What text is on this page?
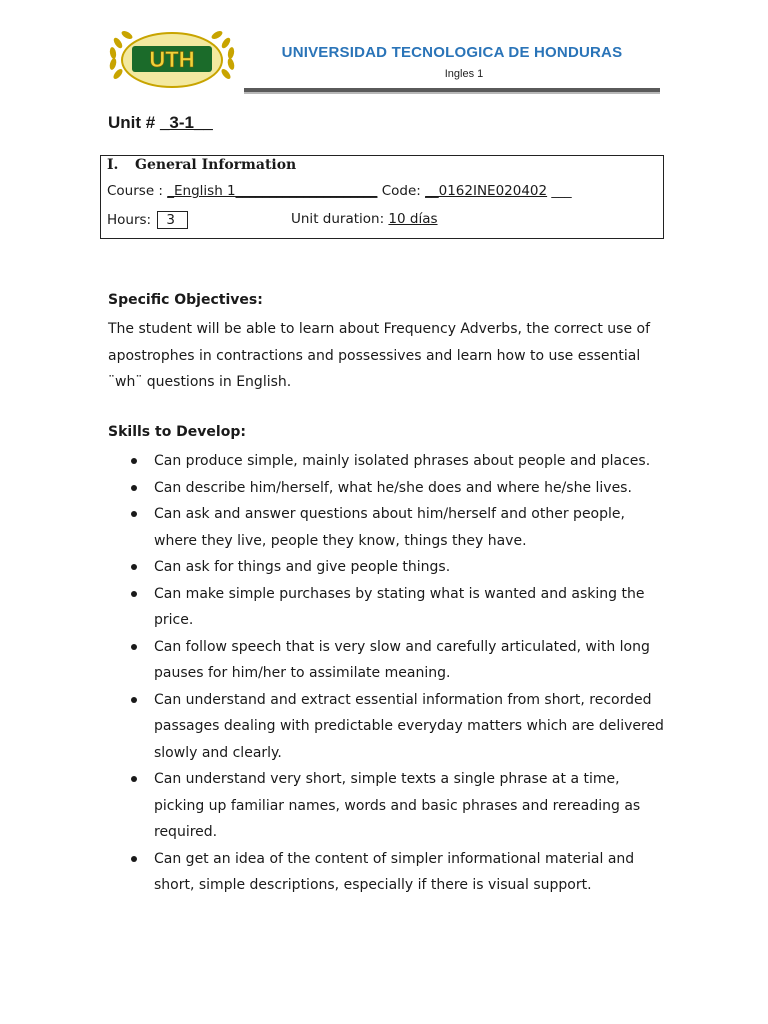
UTH	UNIVERSIDAD TECNOLOGICA DE HONDURAS
Ingles 1
Unit # _3-1__
I. General Information
Course : _English 1_____________________ Code: __0162INE020402 ___
Hours: 3	Unit duration: 10 días
Specific Objectives:
The student will be able to learn about Frequency Adverbs, the correct use of apostrophes in contractions and possessives and learn how to use essential ¨wh¨ questions in English.
Skills to Develop:
Can produce simple, mainly isolated phrases about people and places.
Can describe him/herself, what he/she does and where he/she lives.
Can ask and answer questions about him/herself and other people, where they live, people they know, things they have.
Can ask for things and give people things.
Can make simple purchases by stating what is wanted and asking the price.
Can follow speech that is very slow and carefully articulated, with long pauses for him/her to assimilate meaning.
Can understand and extract essential information from short, recorded passages dealing with predictable everyday matters which are delivered slowly and clearly.
Can understand very short, simple texts a single phrase at a time, picking up familiar names, words and basic phrases and rereading as required.
Can get an idea of the content of simpler informational material and short, simple descriptions, especially if there is visual support.
